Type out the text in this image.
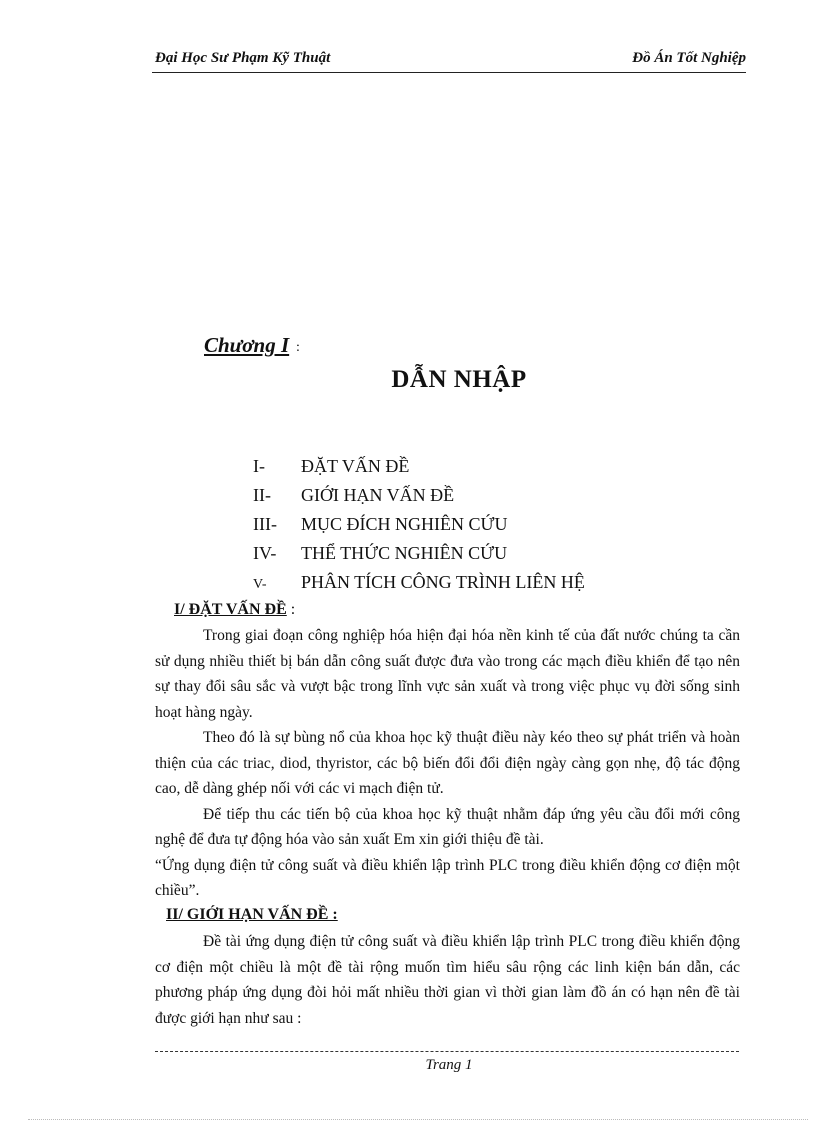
Đại Học Sư Phạm Kỹ Thuật	Đồ Án Tốt Nghiệp
Chương I :
DẪN NHẬP
I- ĐẶT VẤN ĐỀ
II- GIỚI HẠN VẤN ĐỀ
III- MỤC ĐÍCH NGHIÊN CỨU
IV- THỂ THỨC NGHIÊN CỨU
V- PHÂN TÍCH CÔNG TRÌNH LIÊN HỆ
I/ ĐẶT VẤN ĐỀ :

Trong giai đoạn công nghiệp hóa hiện đại hóa nền kinh tế của đất nước chúng ta cần sử dụng nhiều thiết bị bán dẫn công suất được đưa vào trong các mạch điều khiển để tạo nên sự thay đổi sâu sắc và vượt bậc trong lĩnh vực sản xuất và trong việc phục vụ đời sống sinh hoạt hàng ngày.

Theo đó là sự bùng nổ của khoa học kỹ thuật điều này kéo theo sự phát triển và hoàn thiện của các triac, diod, thyristor, các bộ biến đổi đổi điện ngày càng gọn nhẹ, độ tác động cao, dễ dàng ghép nối với các vi mạch điện tử.

Để tiếp thu các tiến bộ của khoa học kỹ thuật nhằm đáp ứng yêu cầu đổi mới công nghệ để đưa tự động hóa vào sản xuất Em xin giới thiệu đề tài.

“Ứng dụng điện tử công suất và điều khiển lập trình PLC trong điều khiển động cơ điện một chiều”.

II/ GIỚI HẠN VẤN ĐỀ :

Đề tài ứng dụng điện tử công suất và điều khiển lập trình PLC trong điều khiển động cơ điện một chiều là một đề tài rộng muốn tìm hiểu sâu rộng các linh kiện bán dẫn, các phương pháp ứng dụng đòi hỏi mất nhiều thời gian vì thời gian làm đồ án có hạn nên đề tài được giới hạn như sau :

Trang 1
